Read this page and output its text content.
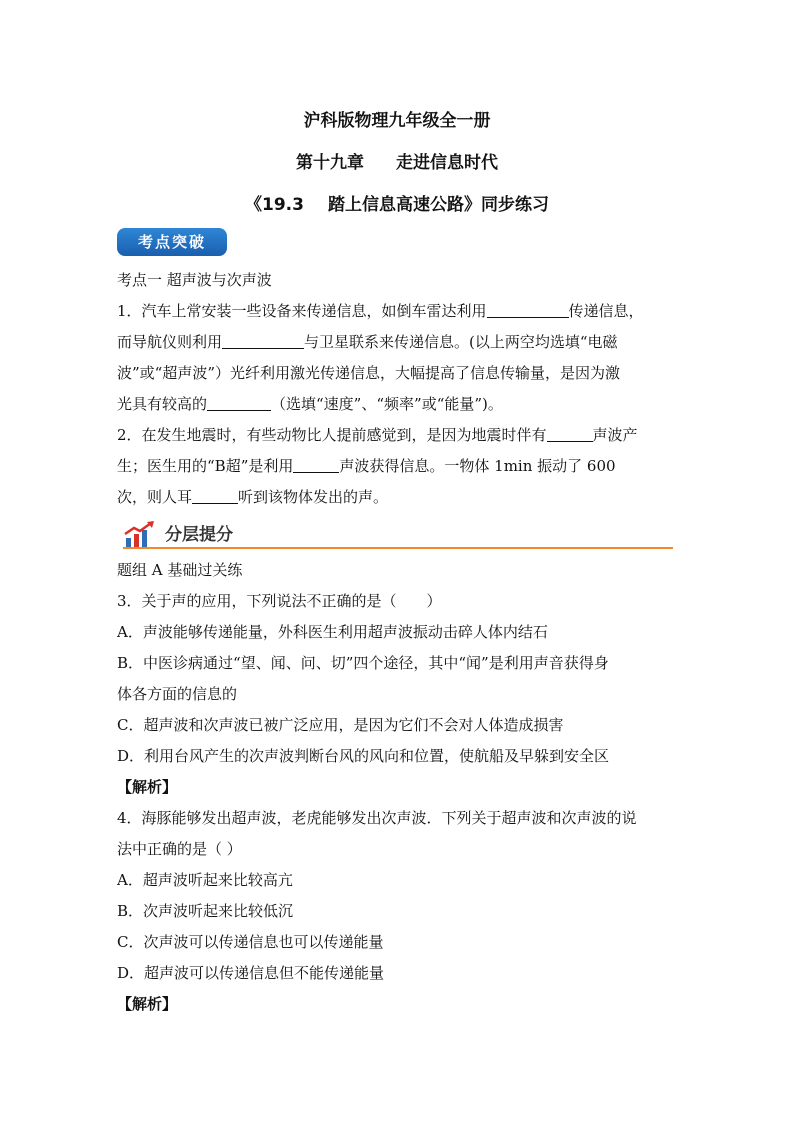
沪科版物理九年级全一册
第十九章 走进信息时代
《19.3 踏上信息高速公路》同步练习
考点突破
考点一 超声波与次声波
1．汽车上常安装一些设备来传递信息，如倒车雷达利用	传递信息，
而导航仪则利用	与卫星联系来传递信息。(以上两空均选填“电磁
波”或“超声波”）光纤利用激光传递信息，大幅提高了信息传输量，是因为激
光具有较高的	（选填“速度”、“频率”或“能量”)。
2．在发生地震时，有些动物比人提前感觉到，是因为地震时伴有	声波产
生；医生用的“B超”是利用	声波获得信息。一物体 1min 振动了 600
次，则人耳	听到该物体发出的声。
分层提分
题组 A 基础过关练
3．关于声的应用，下列说法不正确的是（　　）
A．声波能够传递能量，外科医生利用超声波振动击碎人体内结石
B．中医诊病通过“望、闻、问、切”四个途径，其中“闻”是利用声音获得身
体各方面的信息的
C．超声波和次声波已被广泛应用，是因为它们不会对人体造成损害
D．利用台风产生的次声波判断台风的风向和位置，使航船及早躲到安全区
【解析】
4．海豚能够发出超声波，老虎能够发出次声波．下列关于超声波和次声波的说
法中正确的是（ ）
A．超声波听起来比较高亢
B．次声波听起来比较低沉
C．次声波可以传递信息也可以传递能量
D．超声波可以传递信息但不能传递能量
【解析】
